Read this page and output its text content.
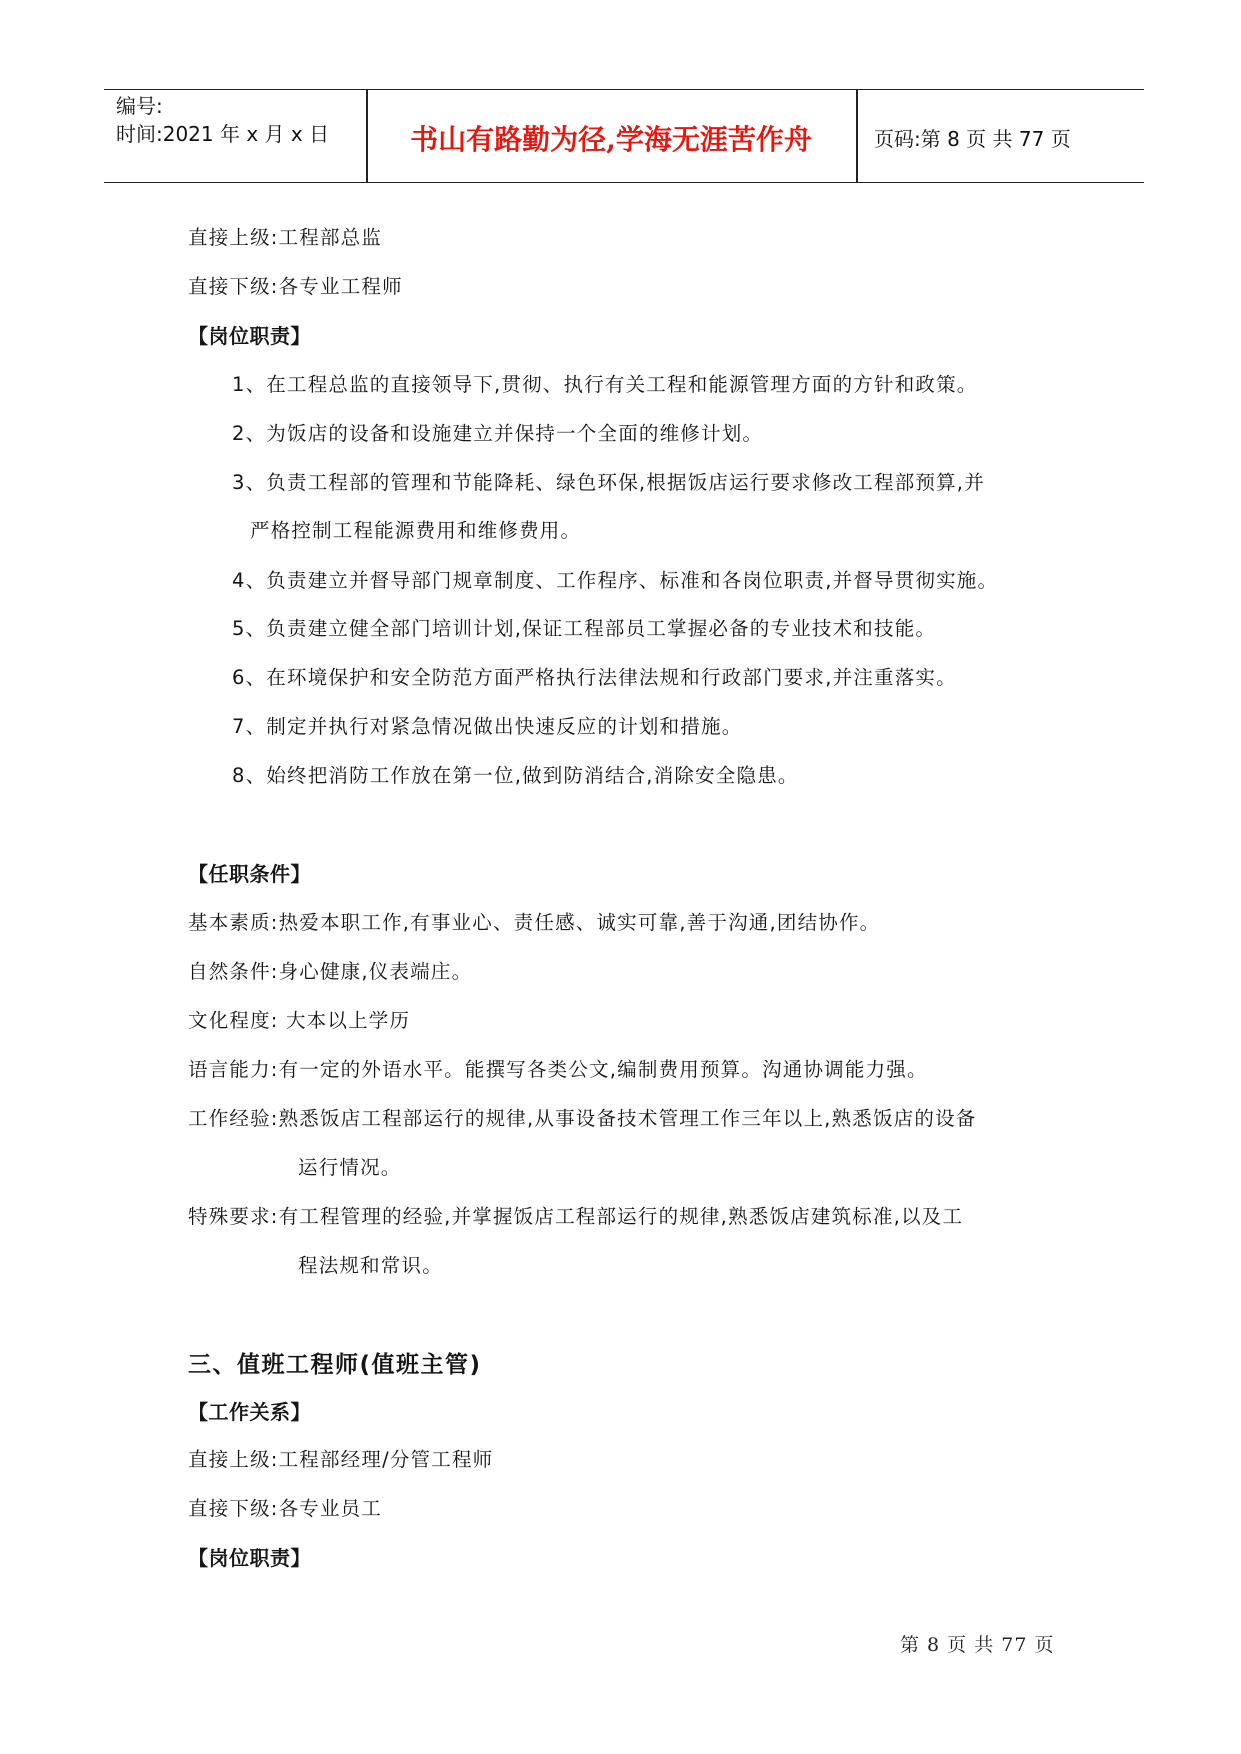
编号:
时间:2021 年 x 月 x 日	书山有路勤为径,学海无涯苦作舟	页码:第 8 页 共 77 页
直接上级:工程部总监
直接下级:各专业工程师
【岗位职责】
1、在工程总监的直接领导下,贯彻、执行有关工程和能源管理方面的方针和政策。
2、为饭店的设备和设施建立并保持一个全面的维修计划。
3、负责工程部的管理和节能降耗、绿色环保,根据饭店运行要求修改工程部预算,并
严格控制工程能源费用和维修费用。
4、负责建立并督导部门规章制度、工作程序、标准和各岗位职责,并督导贯彻实施。
5、负责建立健全部门培训计划,保证工程部员工掌握必备的专业技术和技能。
6、在环境保护和安全防范方面严格执行法律法规和行政部门要求,并注重落实。
7、制定并执行对紧急情况做出快速反应的计划和措施。
8、始终把消防工作放在第一位,做到防消结合,消除安全隐患。
【任职条件】
基本素质:热爱本职工作,有事业心、责任感、诚实可靠,善于沟通,团结协作。
自然条件:身心健康,仪表端庄。
文化程度: 大本以上学历
语言能力:有一定的外语水平。能撰写各类公文,编制费用预算。沟通协调能力强。
工作经验:熟悉饭店工程部运行的规律,从事设备技术管理工作三年以上,熟悉饭店的设备
运行情况。
特殊要求:有工程管理的经验,并掌握饭店工程部运行的规律,熟悉饭店建筑标准,以及工
程法规和常识。
三、值班工程师(值班主管)
【工作关系】
直接上级:工程部经理/分管工程师
直接下级:各专业员工
【岗位职责】
第 8 页 共 77 页
